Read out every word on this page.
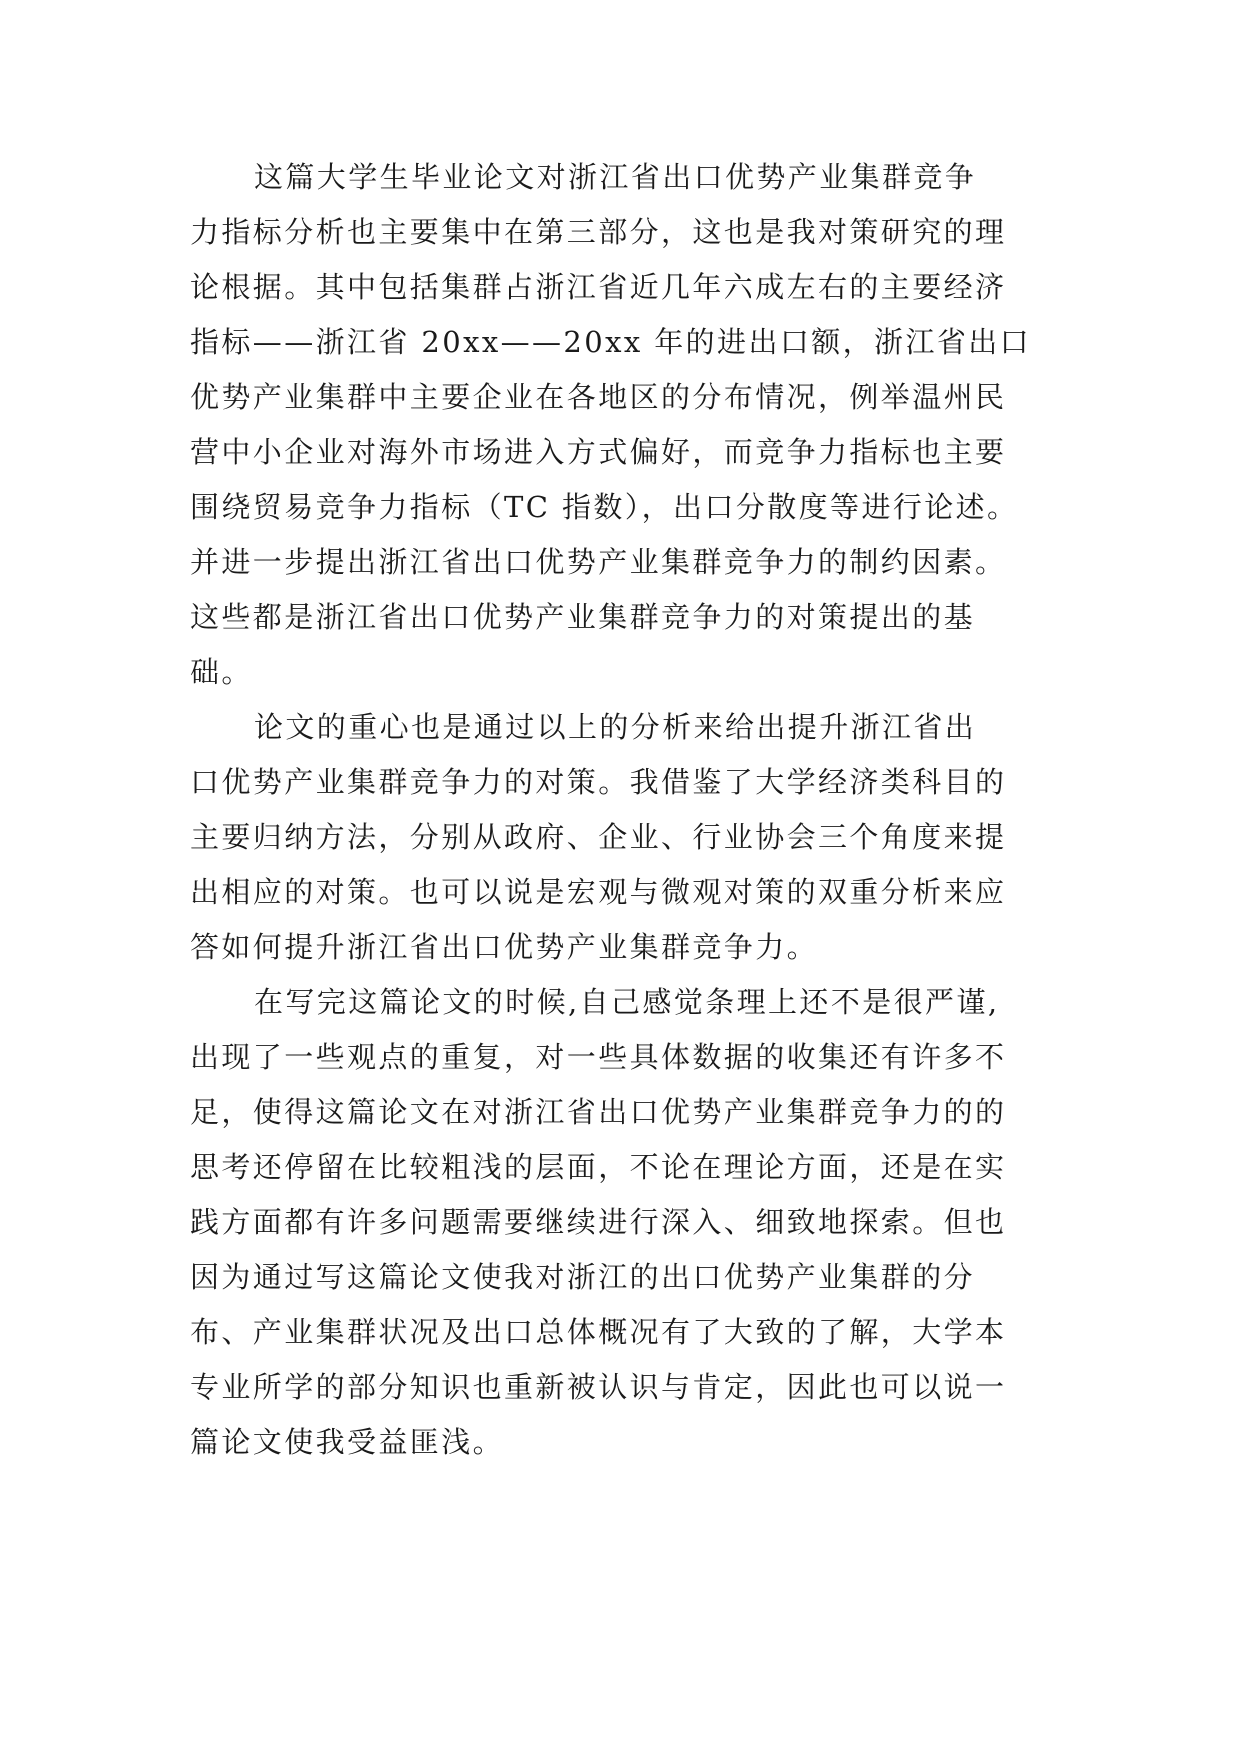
这篇大学生毕业论文对浙江省出口优势产业集群竞争
力指标分析也主要集中在第三部分，这也是我对策研究的理
论根据。其中包括集群占浙江省近几年六成左右的主要经济
指标——浙江省 20xx——20xx 年的进出口额，浙江省出口
优势产业集群中主要企业在各地区的分布情况，例举温州民
营中小企业对海外市场进入方式偏好，而竞争力指标也主要
围绕贸易竞争力指标（TC 指数），出口分散度等进行论述。
并进一步提出浙江省出口优势产业集群竞争力的制约因素。
这些都是浙江省出口优势产业集群竞争力的对策提出的基
础。

论文的重心也是通过以上的分析来给出提升浙江省出
口优势产业集群竞争力的对策。我借鉴了大学经济类科目的
主要归纳方法，分别从政府、企业、行业协会三个角度来提
出相应的对策。也可以说是宏观与微观对策的双重分析来应
答如何提升浙江省出口优势产业集群竞争力。

在写完这篇论文的时候,自己感觉条理上还不是很严谨,
出现了一些观点的重复，对一些具体数据的收集还有许多不
足，使得这篇论文在对浙江省出口优势产业集群竞争力的的
思考还停留在比较粗浅的层面，不论在理论方面，还是在实
践方面都有许多问题需要继续进行深入、细致地探索。但也
因为通过写这篇论文使我对浙江的出口优势产业集群的分
布、产业集群状况及出口总体概况有了大致的了解，大学本
专业所学的部分知识也重新被认识与肯定，因此也可以说一
篇论文使我受益匪浅。
